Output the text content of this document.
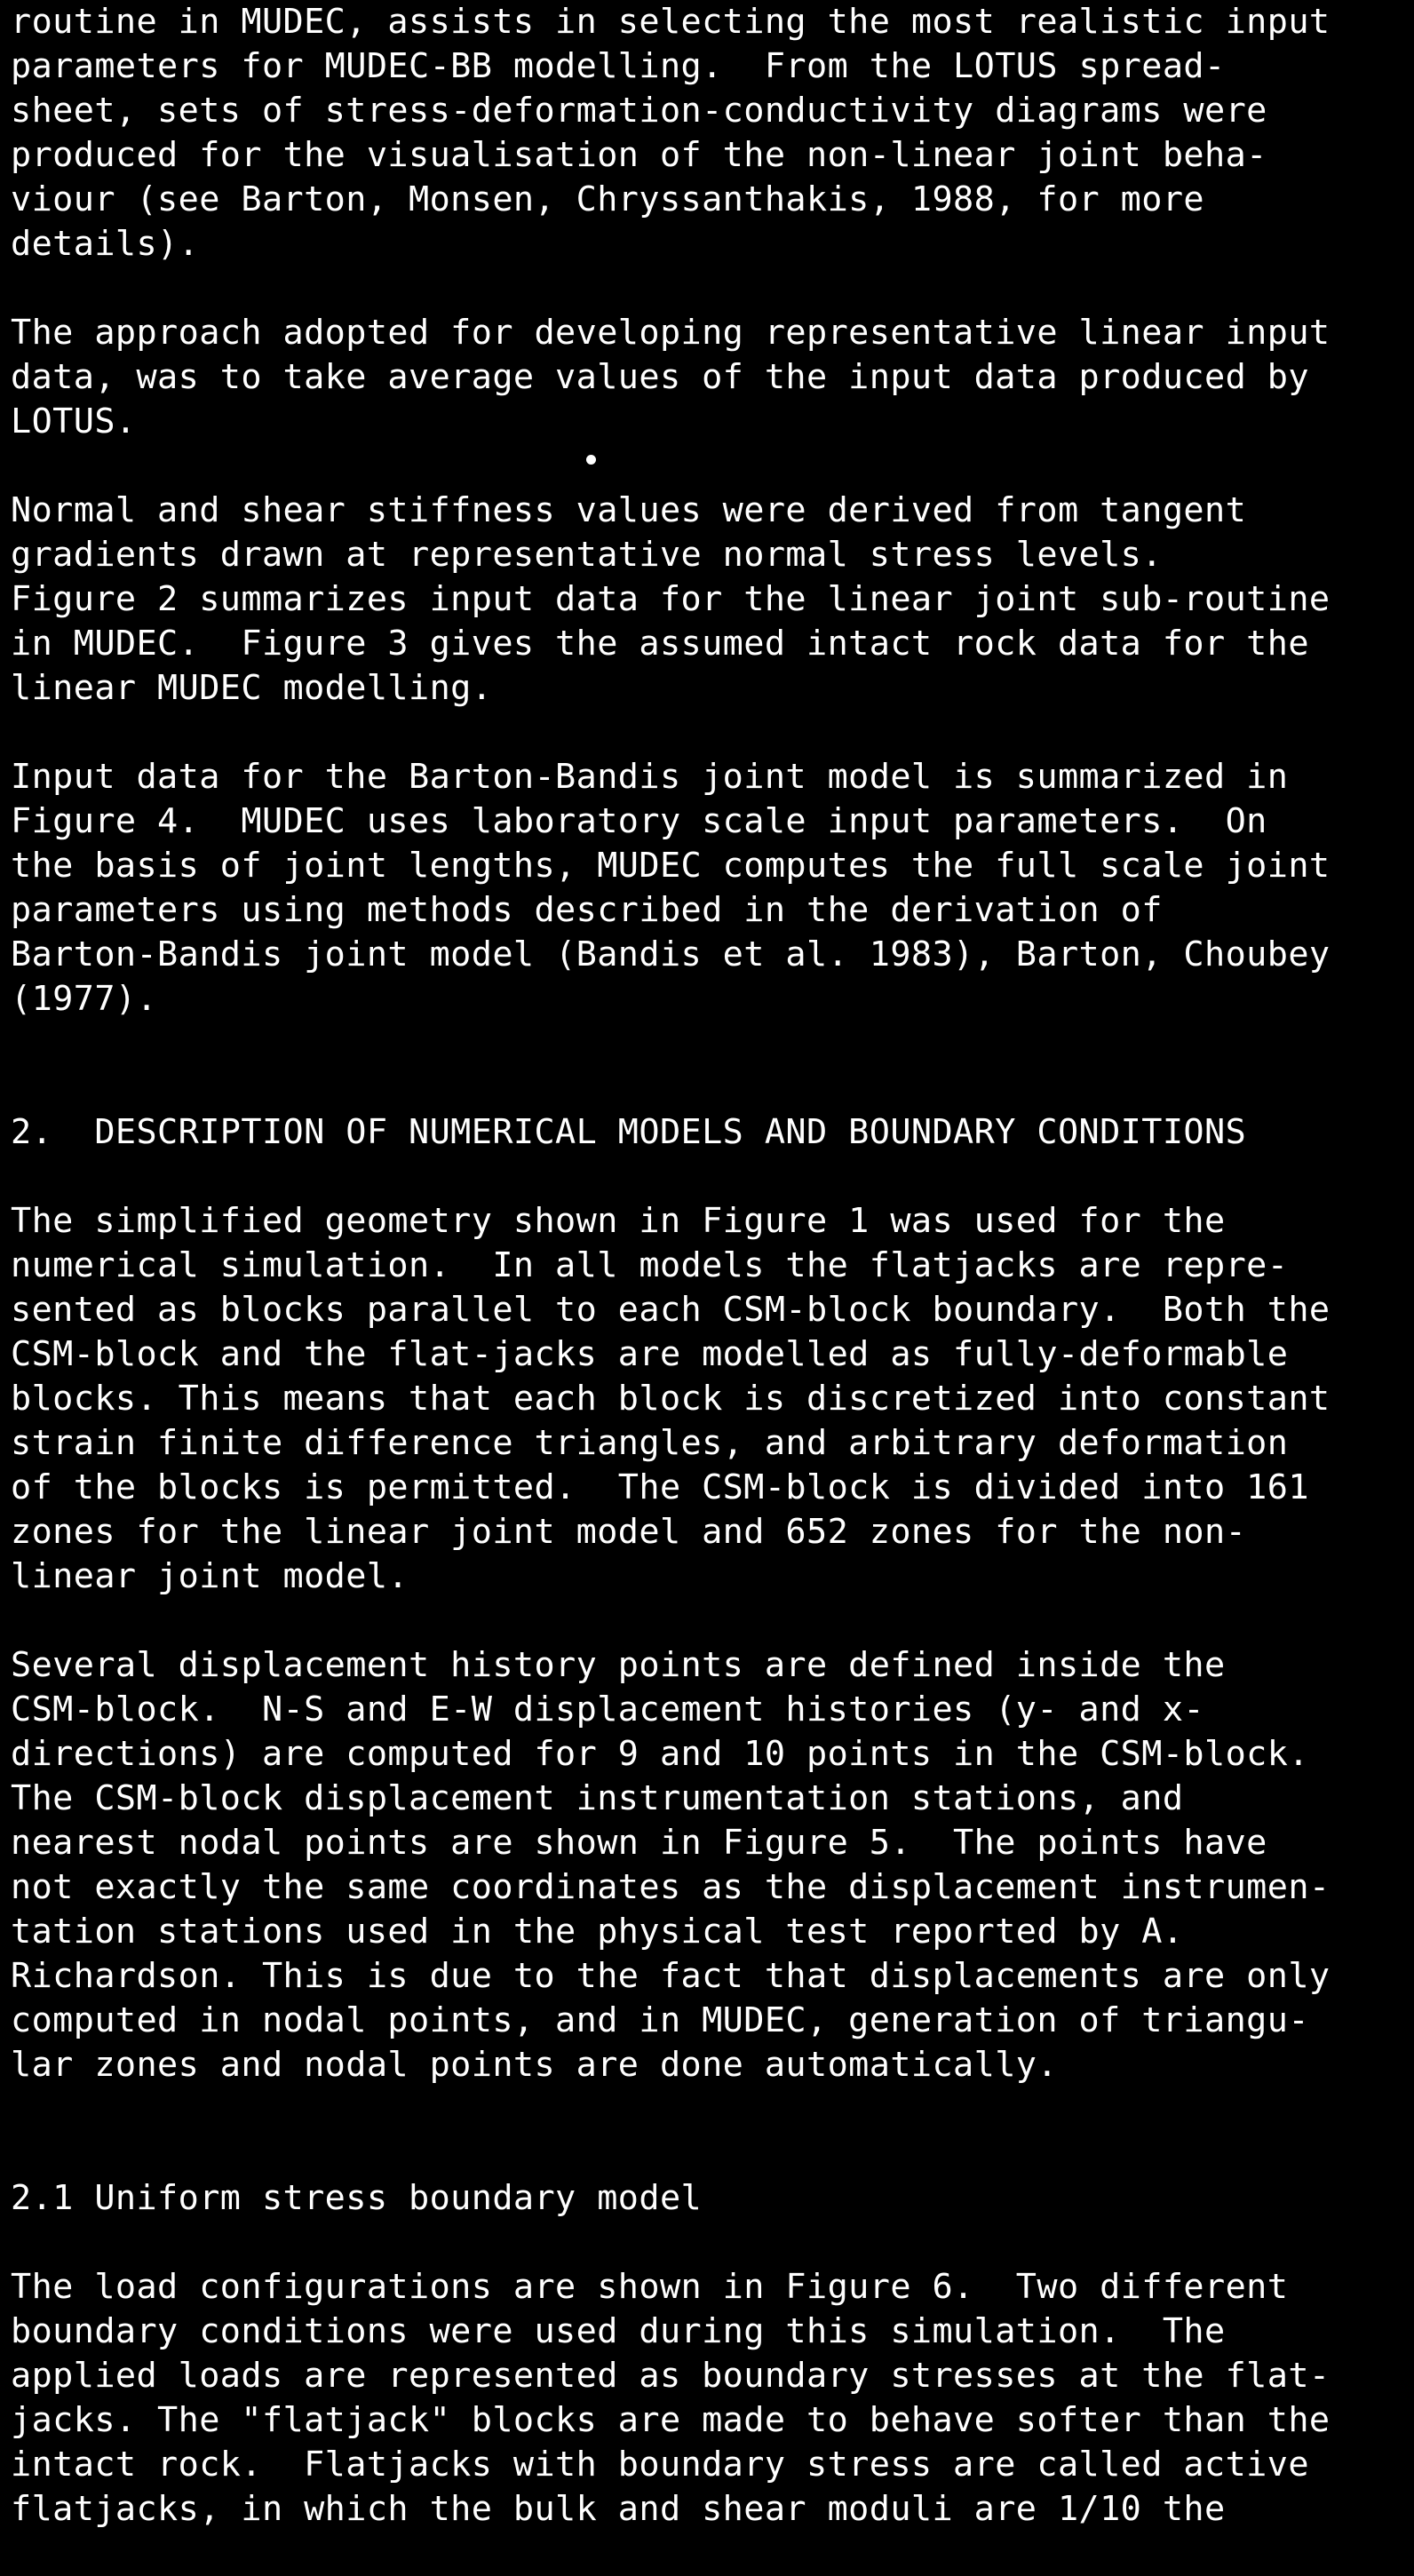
routine in MUDEC, assists in selecting the most realistic input
parameters for MUDEC-BB modelling.  From the LOTUS spread-
sheet, sets of stress-deformation-conductivity diagrams were
produced for the visualisation of the non-linear joint beha-
viour (see Barton, Monsen, Chryssanthakis, 1988, for more
details).
The approach adopted for developing representative linear input
data, was to take average values of the input data produced by
LOTUS.
Normal and shear stiffness values were derived from tangent
gradients drawn at representative normal stress levels.
Figure 2 summarizes input data for the linear joint sub-routine
in MUDEC.  Figure 3 gives the assumed intact rock data for the
linear MUDEC modelling.
Input data for the Barton-Bandis joint model is summarized in
Figure 4.  MUDEC uses laboratory scale input parameters.  On
the basis of joint lengths, MUDEC computes the full scale joint
parameters using methods described in the derivation of
Barton-Bandis joint model (Bandis et al. 1983), Barton, Choubey
(1977).
2.  DESCRIPTION OF NUMERICAL MODELS AND BOUNDARY CONDITIONS
The simplified geometry shown in Figure 1 was used for the
numerical simulation.  In all models the flatjacks are repre-
sented as blocks parallel to each CSM-block boundary.  Both the
CSM-block and the flat-jacks are modelled as fully-deformable
blocks. This means that each block is discretized into constant
strain finite difference triangles, and arbitrary deformation
of the blocks is permitted.  The CSM-block is divided into 161
zones for the linear joint model and 652 zones for the non-
linear joint model.
Several displacement history points are defined inside the
CSM-block.  N-S and E-W displacement histories (y- and x-
directions) are computed for 9 and 10 points in the CSM-block.
The CSM-block displacement instrumentation stations, and
nearest nodal points are shown in Figure 5.  The points have
not exactly the same coordinates as the displacement instrumen-
tation stations used in the physical test reported by A.
Richardson. This is due to the fact that displacements are only
computed in nodal points, and in MUDEC, generation of triangu-
lar zones and nodal points are done automatically.
2.1 Uniform stress boundary model
The load configurations are shown in Figure 6.  Two different
boundary conditions were used during this simulation.  The
applied loads are represented as boundary stresses at the flat-
jacks. The "flatjack" blocks are made to behave softer than the
intact rock.  Flatjacks with boundary stress are called active
flatjacks, in which the bulk and shear moduli are 1/10 the
